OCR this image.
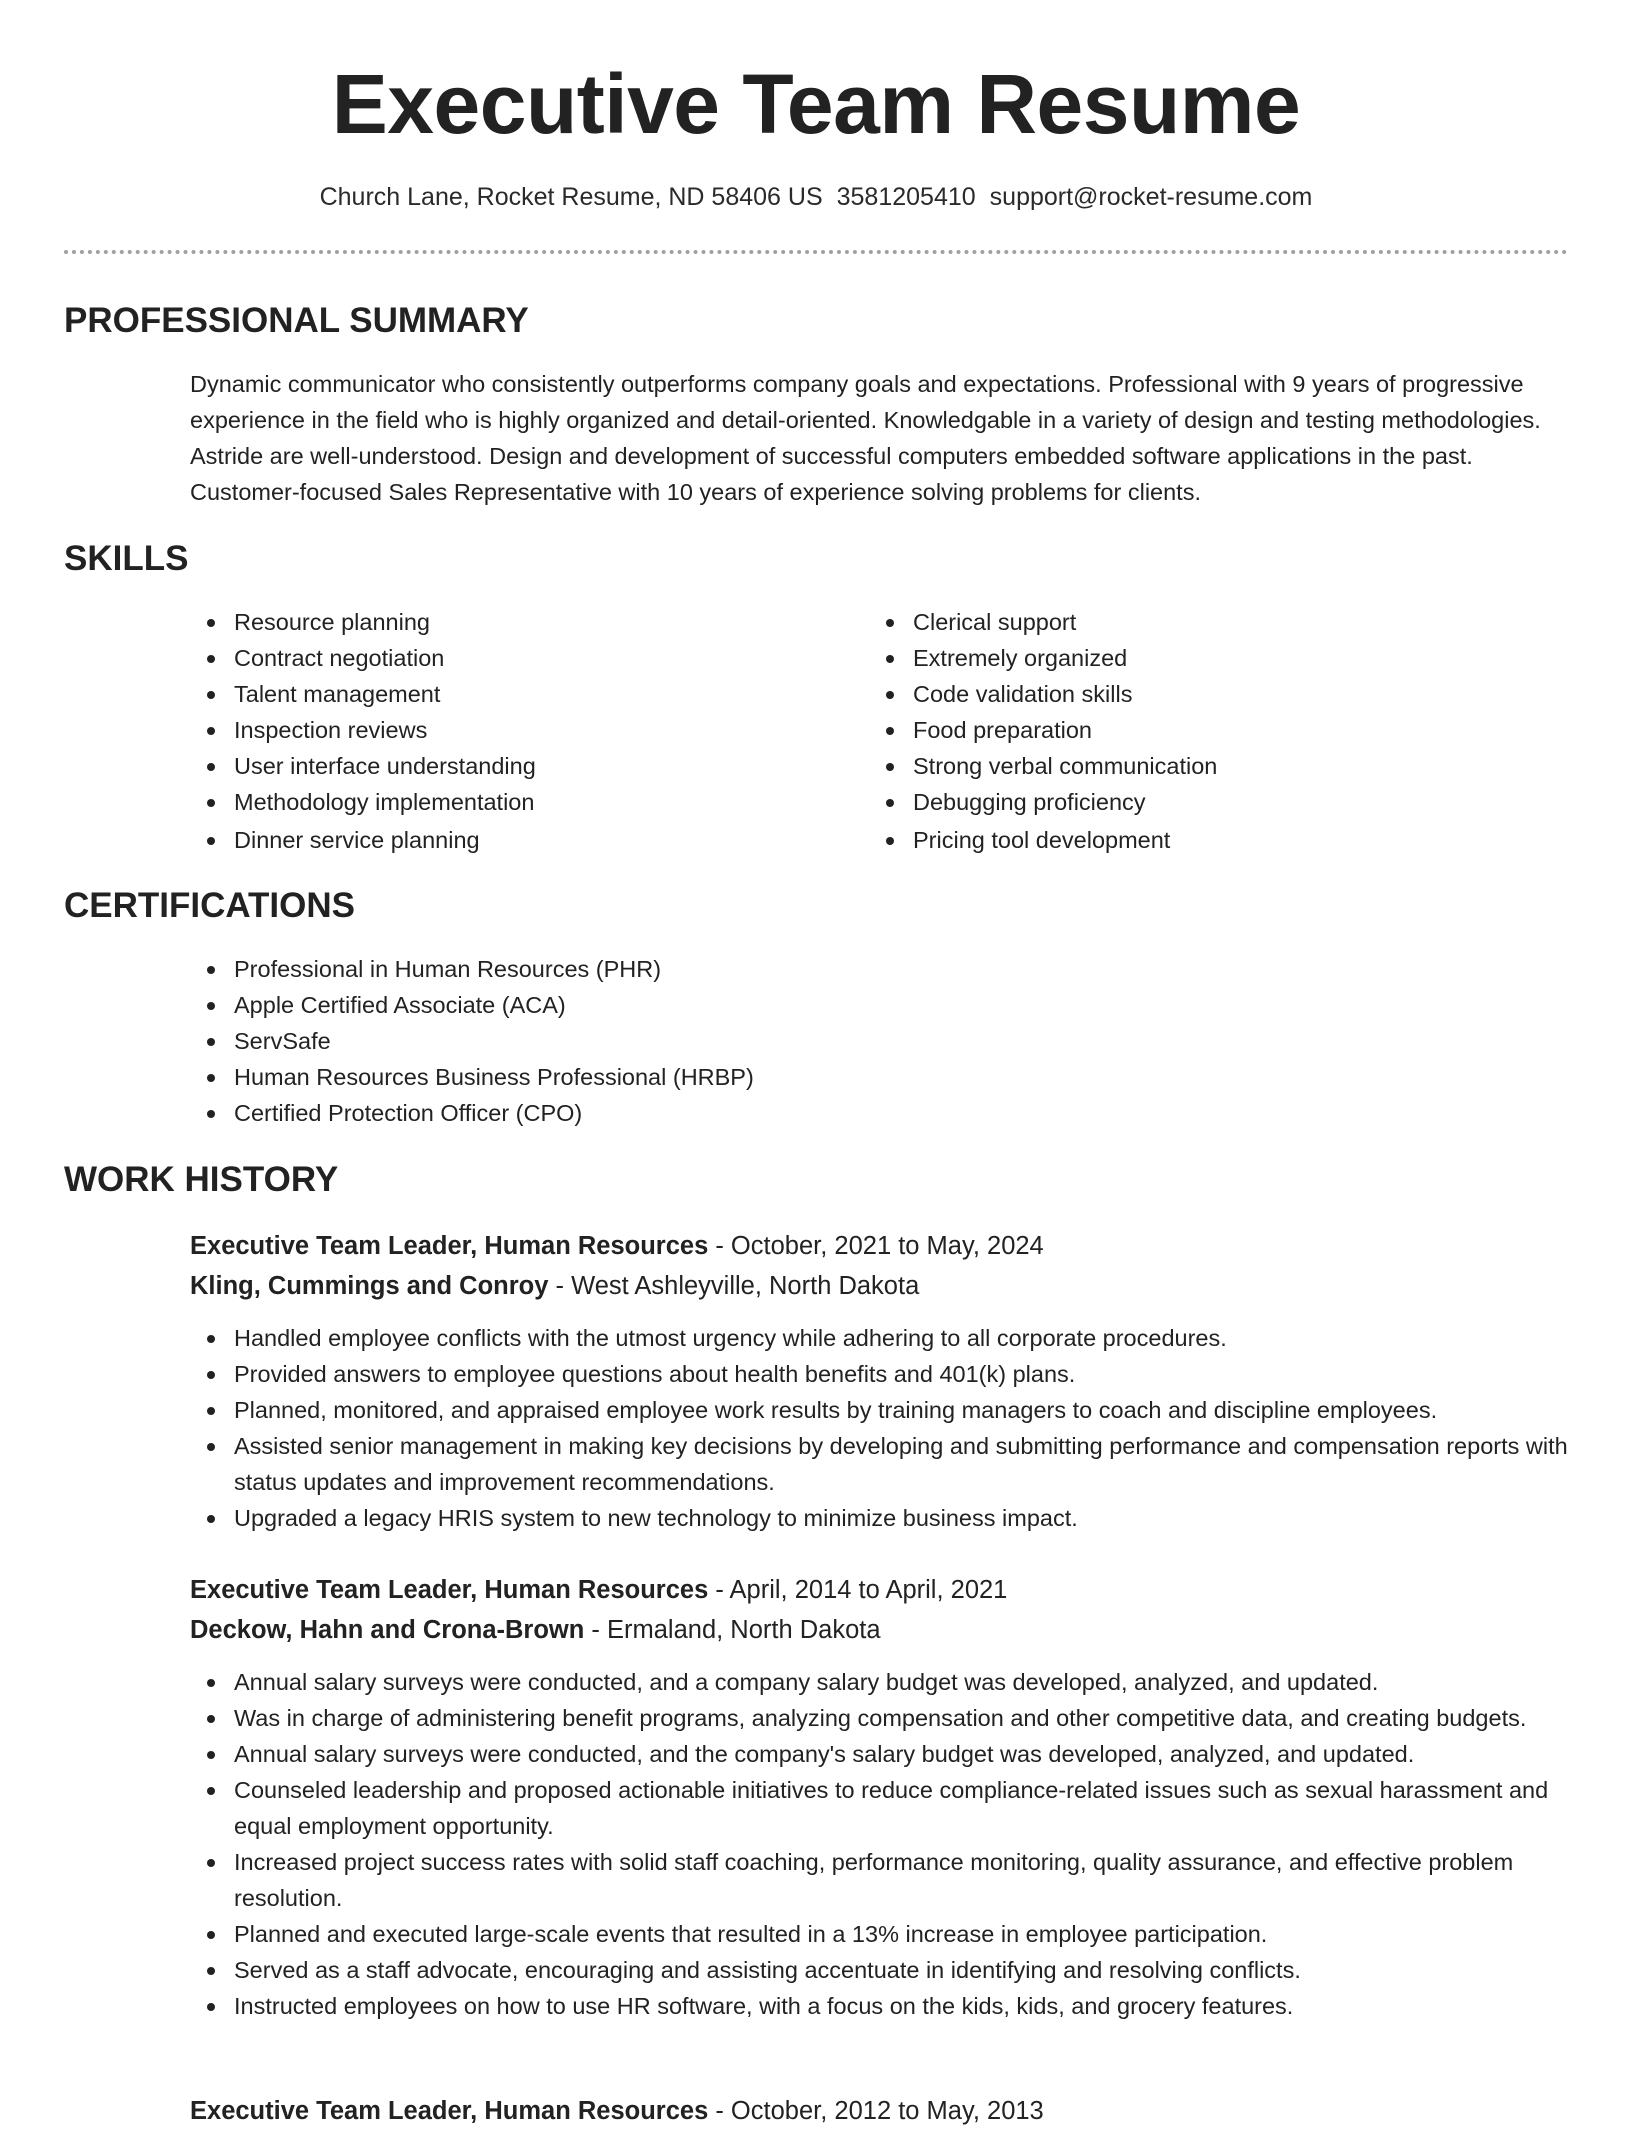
Executive Team Resume
Church Lane, Rocket Resume, ND 58406 US 3581205410 support@rocket-resume.com
PROFESSIONAL SUMMARY

Dynamic communicator who consistently outperforms company goals and expectations. Professional with 9 years of progressive experience in the field who is highly organized and detail-oriented. Knowledgable in a variety of design and testing methodologies. Astride are well-understood. Design and development of successful computers embedded software applications in the past. Customer-focused Sales Representative with 10 years of experience solving problems for clients.

SKILLS
Resource planning
Contract negotiation
Talent management
Inspection reviews
User interface understanding
Methodology implementation
Dinner service planning
Clerical support
Extremely organized
Code validation skills
Food preparation
Strong verbal communication
Debugging proficiency
Pricing tool development
CERTIFICATIONS
Professional in Human Resources (PHR)
Apple Certified Associate (ACA)
ServSafe
Human Resources Business Professional (HRBP)
Certified Protection Officer (CPO)
WORK HISTORY
Executive Team Leader, Human Resources - October, 2021 to May, 2024
Kling, Cummings and Conroy - West Ashleyville, North Dakota
Handled employee conflicts with the utmost urgency while adhering to all corporate procedures.
Provided answers to employee questions about health benefits and 401(k) plans.
Planned, monitored, and appraised employee work results by training managers to coach and discipline employees.
Assisted senior management in making key decisions by developing and submitting performance and compensation reports with status updates and improvement recommendations.
Upgraded a legacy HRIS system to new technology to minimize business impact.
Executive Team Leader, Human Resources - April, 2014 to April, 2021
Deckow, Hahn and Crona-Brown - Ermaland, North Dakota
Annual salary surveys were conducted, and a company salary budget was developed, analyzed, and updated.
Was in charge of administering benefit programs, analyzing compensation and other competitive data, and creating budgets.
Annual salary surveys were conducted, and the company's salary budget was developed, analyzed, and updated.
Counseled leadership and proposed actionable initiatives to reduce compliance-related issues such as sexual harassment and equal employment opportunity.
Increased project success rates with solid staff coaching, performance monitoring, quality assurance, and effective problem resolution.
Planned and executed large-scale events that resulted in a 13% increase in employee participation.
Served as a staff advocate, encouraging and assisting accentuate in identifying and resolving conflicts.
Instructed employees on how to use HR software, with a focus on the kids, kids, and grocery features.
Executive Team Leader, Human Resources - October, 2012 to May, 2013
